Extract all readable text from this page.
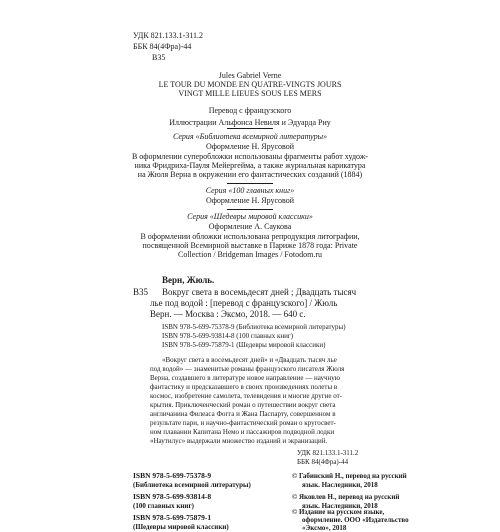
УДК 821.133.1-311.2
ББК 84(4Фра)-44
В35
Jules Gabriel Verne
LE TOUR DU MONDE EN QUATRE-VINGTS JOURS
VINGT MILLE LIEUES SOUS LES MERS
Перевод с французского
Иллюстрации Альфонса Невиля и Эдуарда Риу
Серия «Библиотека всемирной литературы»
Оформление Н. Ярусовой
В оформлении суперобложки использованы фрагменты работ худож-
ника Фридриха-Пауля Мейергейма, а также журнальная карикатура
на Жюля Верна в окружении его фантастических созданий (1884)
Серия «100 главных книг»
Оформление Н. Ярусовой
Серия «Шедевры мировой классики»
Оформление А. Саукова
В оформлении обложки использована репродукция литографии,
посвященной Всемирной выставке в Париже 1878 года: Private
Collection / Bridgeman Images / Fotodom.ru
Верн, Жюль.
В35 Вокруг света в восемьдесят дней ; Двадцать тысяч
лье под водой : [перевод с французского] / Жюль
Верн. — Москва : Эксмо, 2018. — 640 с.
ISBN 978-5-699-75378-9 (Библиотека всемирной литературы)
ISBN 978-5-699-93814-8 (100 главных книг)
ISBN 978-5-699-75879-1 (Шедевры мировой классики)
«Вокруг света в восемьдесят дней» и «Двадцать тысяч лье
под водой» — знаменитые романы французского писателя Жюля
Верна, создавшего в литературе новое направление — научную
фантастику и предсказавшего в своих произведениях полеты в
космос, изобретение самолета, телевидения и многие другие от-
крытия. Приключенческий роман о путешествии вокруг света
англичанина Филеаса Фогга и Жана Паспарту, совершенном в
результате пари, и научно-фантастический роман о кругосвет-
ном плавании Капитана Немо и пассажиров подводной лодки
«Наутилус» выдержали множество изданий и экранизаций.
УДК 821.133.1-311.2
ББК 84(4Фра)-44
ISBN 978-5-699-75378-9
(Библиотека всемирной литературы)
ISBN 978-5-699-93814-8
(100 главных книг)
ISBN 978-5-699-75879-1
(Шедевры мировой классики)
© Габинский Н., перевод на русский
язык. Наследники, 2018
© Яковлев Н., перевод на русский
язык. Наследники, 2018
© Издание на русском языке,
оформление. ООО «Издательство
«Эксмо», 2018
